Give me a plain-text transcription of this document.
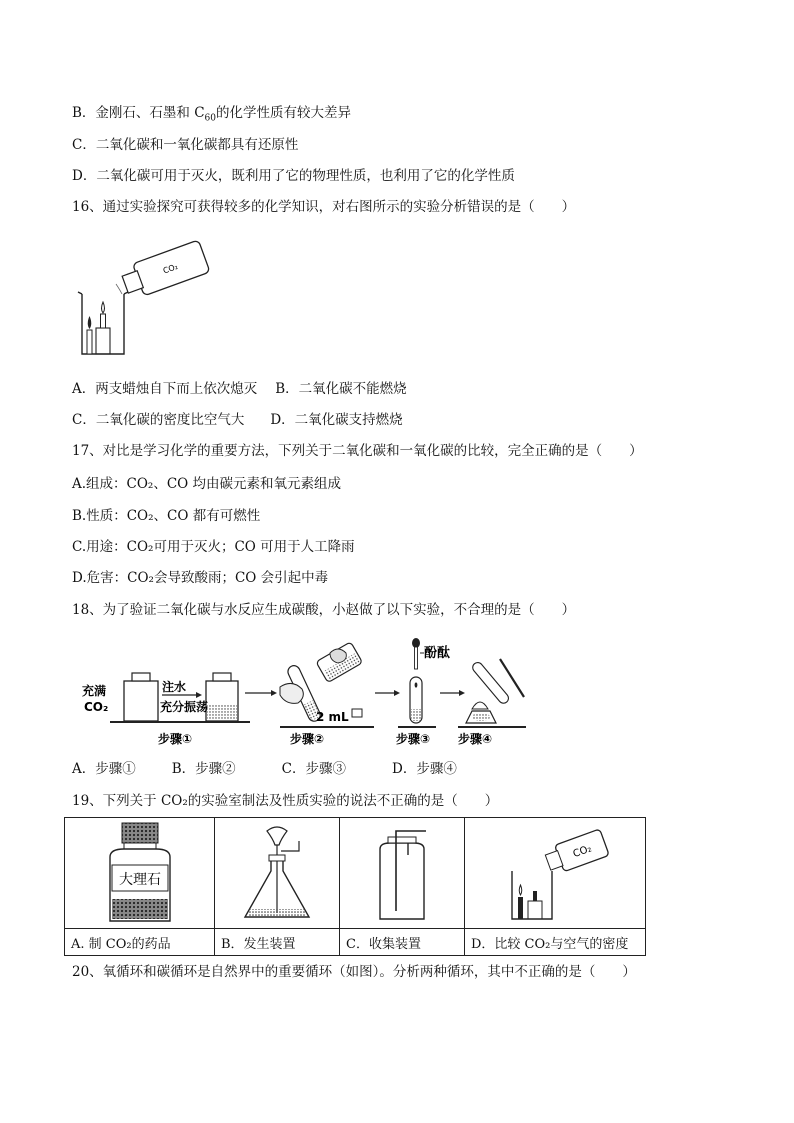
B．金刚石、石墨和 $C_{60}$的化学性质有较大差异
C．二氧化碳和一氧化碳都具有还原性
D．二氧化碳可用于灭火，既利用了它的物理性质，也利用了它的化学性质
16、通过实验探究可获得较多的化学知识，对右图所示的实验分析错误的是（　　）
CO₂
A．两支蜡烛自下而上依次熄灭 B．二氧化碳不能燃烧
C．二氧化碳的密度比空气大 D．二氧化碳支持燃烧
17、对比是学习化学的重要方法，下列关于二氧化碳和一氧化碳的比较，完全正确的是（　　）
A.组成：CO₂、CO 均由碳元素和氧元素组成
B.性质：CO₂、CO 都有可燃性
C.用途：CO₂可用于灭火；CO 可用于人工降雨
D.危害：CO₂会导致酸雨；CO 会引起中毒
18、为了验证二氧化碳与水反应生成碳酸，小赵做了以下实验，不合理的是（　　）
充满
CO₂
注水
充分振荡
步骤①
2 mL
步骤②
酚酞
步骤③ 步骤④
A．步骤①	B．步骤②	C．步骤③	D．步骤④
19、下列关于 CO₂的实验室制法及性质实验的说法不正确的是（　　）
大理石			CO₂

A. 制 CO₂的药品	B．发生装置	C．收集装置	D．比较 CO₂与空气的密度
20、氧循环和碳循环是自然界中的重要循环（如图）。分析两种循环，其中不正确的是（　　）
